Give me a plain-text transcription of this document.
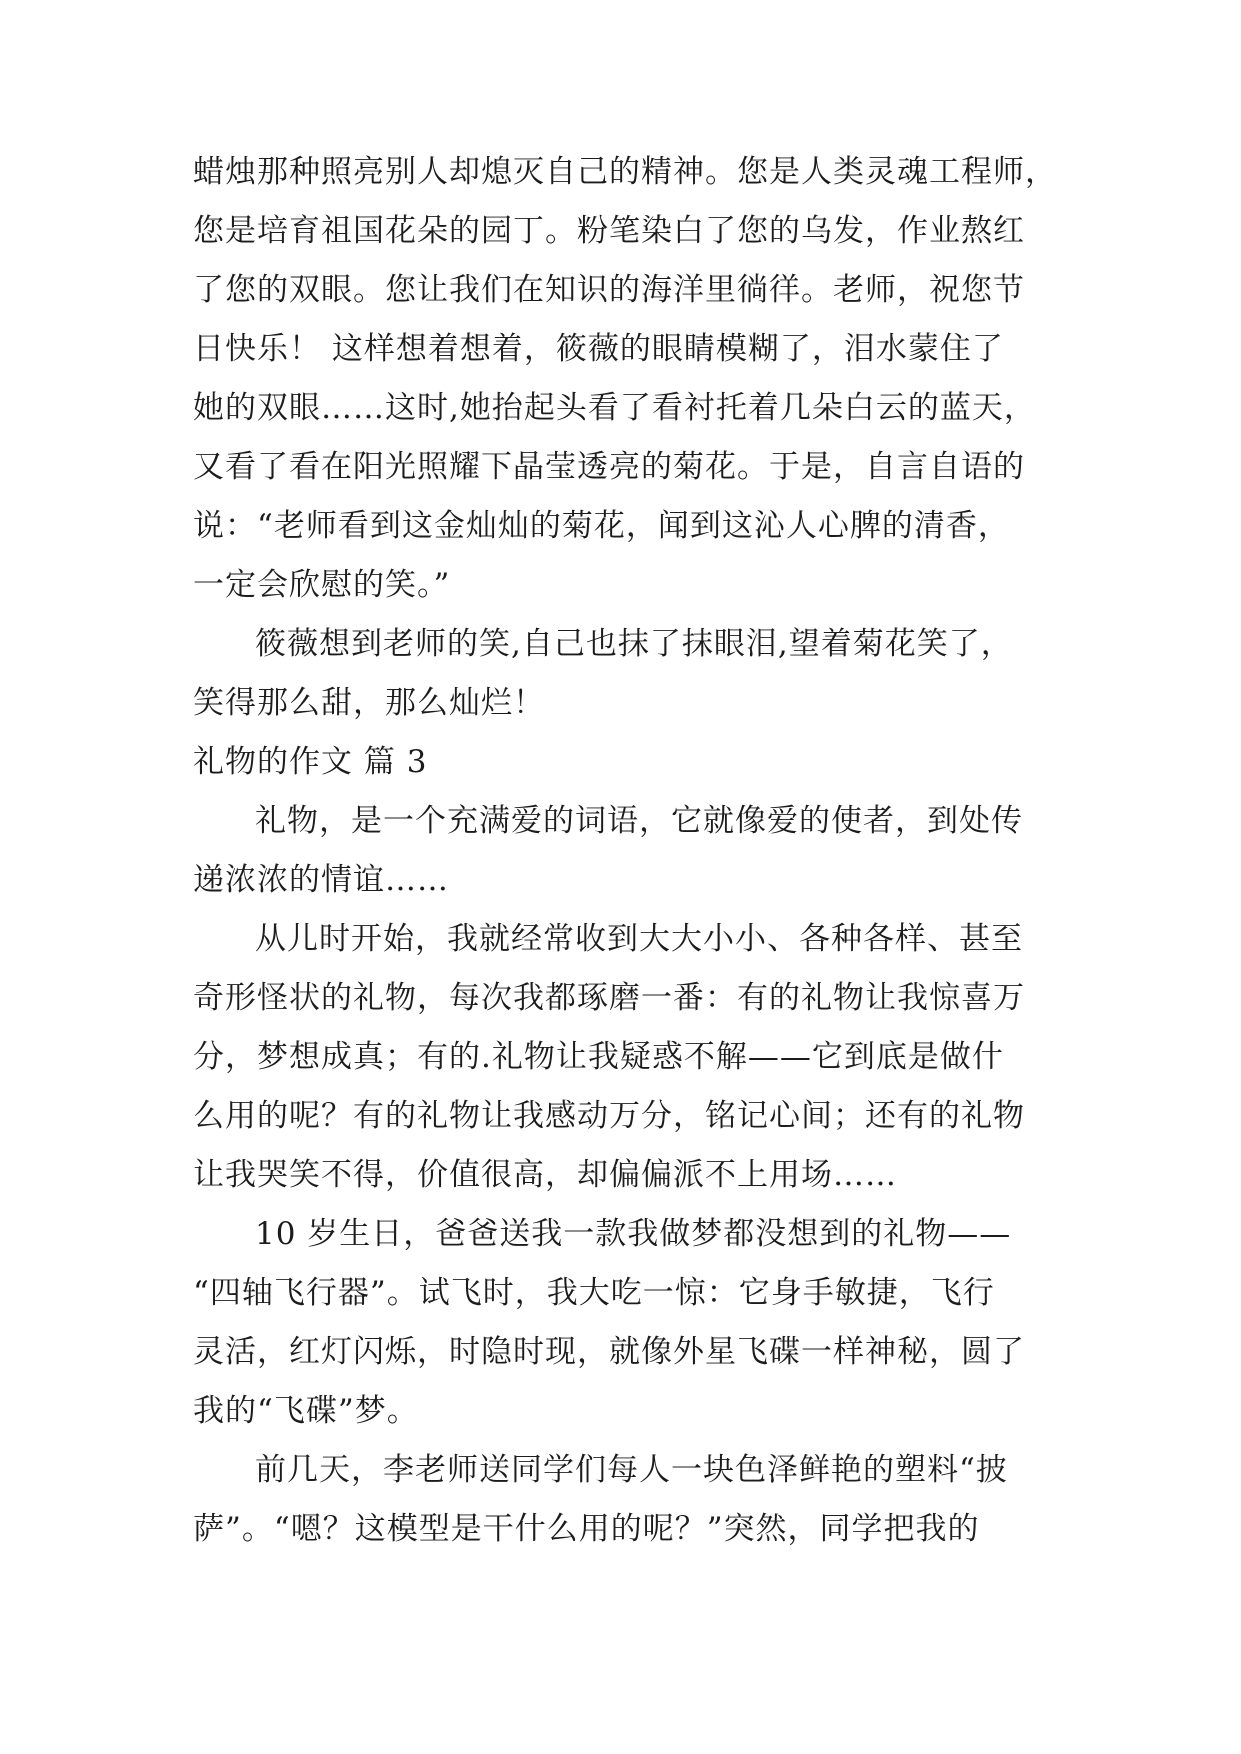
蜡烛那种照亮别人却熄灭自己的精神。您是人类灵魂工程师，
您是培育祖国花朵的园丁。粉笔染白了您的乌发，作业熬红
了您的双眼。您让我们在知识的海洋里徜徉。老师，祝您节
日快乐！ 这样想着想着，筱薇的眼睛模糊了，泪水蒙住了
她的双眼……这时,她抬起头看了看衬托着几朵白云的蓝天，
又看了看在阳光照耀下晶莹透亮的菊花。于是，自言自语的
说：“老师看到这金灿灿的菊花，闻到这沁人心脾的清香，
一定会欣慰的笑。”
筱薇想到老师的笑,自己也抹了抹眼泪,望着菊花笑了，
笑得那么甜，那么灿烂！
礼物的作文 篇 3
礼物，是一个充满爱的词语，它就像爱的使者，到处传
递浓浓的情谊……
从儿时开始，我就经常收到大大小小、各种各样、甚至
奇形怪状的礼物，每次我都琢磨一番：有的礼物让我惊喜万
分，梦想成真；有的.礼物让我疑惑不解——它到底是做什
么用的呢？有的礼物让我感动万分，铭记心间；还有的礼物
让我哭笑不得，价值很高，却偏偏派不上用场……
10 岁生日，爸爸送我一款我做梦都没想到的礼物——
“四轴飞行器”。试飞时，我大吃一惊：它身手敏捷，飞行
灵活，红灯闪烁，时隐时现，就像外星飞碟一样神秘，圆了
我的“飞碟”梦。
前几天，李老师送同学们每人一块色泽鲜艳的塑料“披
萨”。“嗯？这模型是干什么用的呢？”突然，同学把我的
